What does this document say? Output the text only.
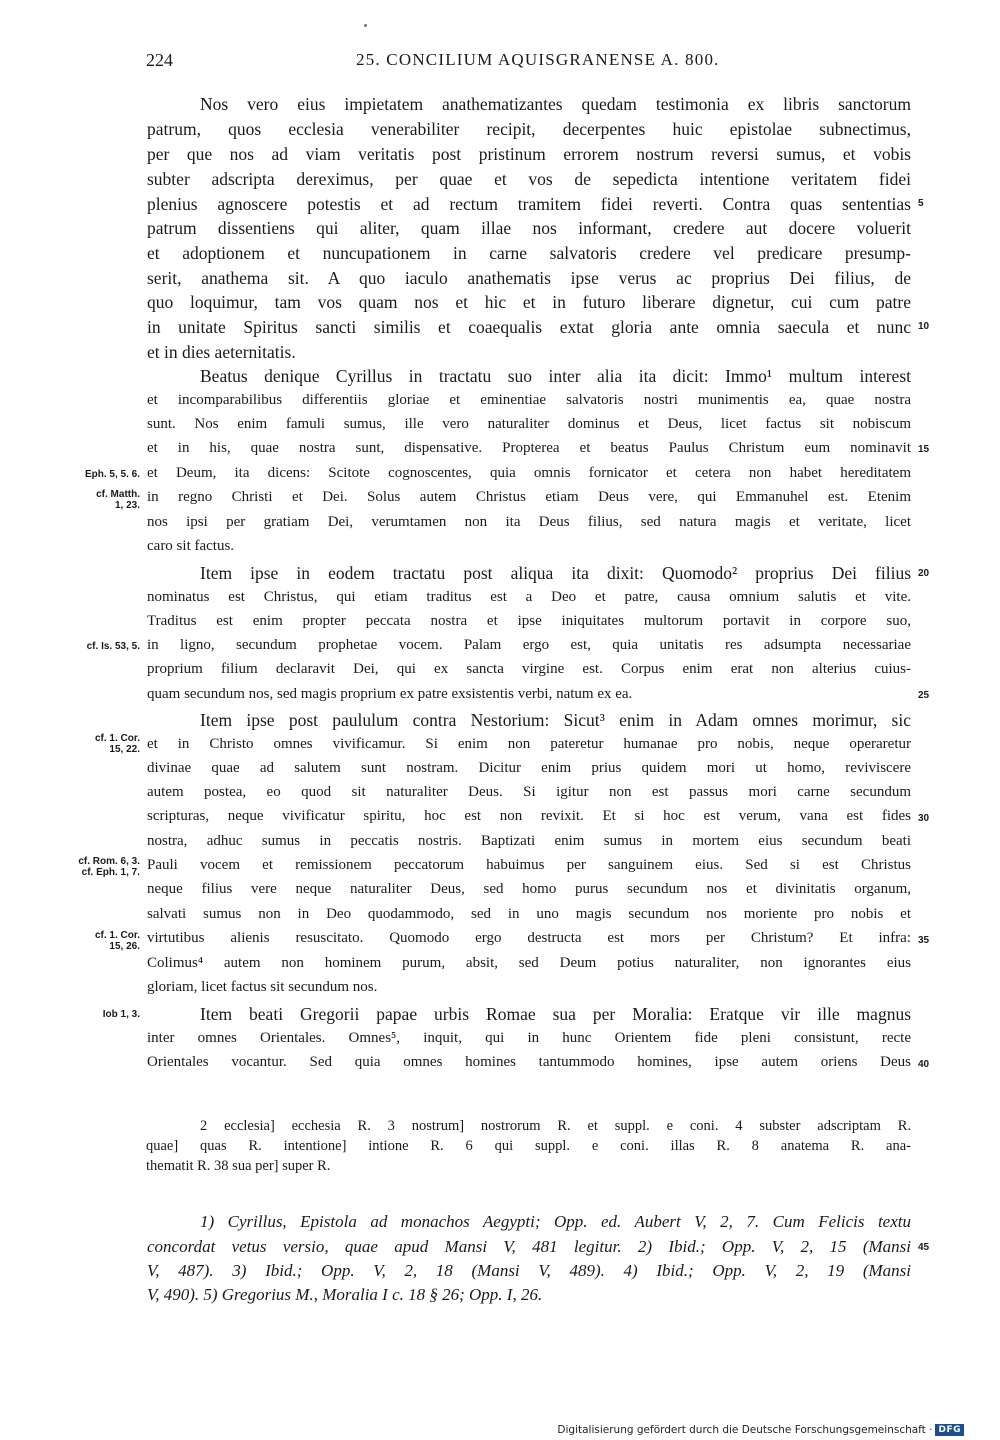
224	25. CONCILIUM AQUISGRANENSE A. 800.
Nos vero eius impietatem anathematizantes quedam testimonia ex libris sanctorum
patrum, quos ecclesia venerabiliter recipit, decerpentes huic epistolae subnectimus,
per que nos ad viam veritatis post pristinum errorem nostrum reversi sumus, et vobis
subter adscripta dereximus, per quae et vos de sepedicta intentione veritatem fidei
plenius agnoscere potestis et ad rectum tramitem fidei reverti. Contra quas sententias
patrum dissentiens qui aliter, quam illae nos informant, credere aut docere voluerit
et adoptionem et nuncupationem in carne salvatoris credere vel predicare presump-
serit, anathema sit. A quo iaculo anathematis ipse verus ac proprius Dei filius, de
quo loquimur, tam vos quam nos et hic et in futuro liberare dignetur, cui cum patre
in unitate Spiritus sancti similis et coaequalis extat gloria ante omnia saecula et nunc
et in dies aeternitatis.
Beatus denique Cyrillus in tractatu suo inter alia ita dicit: Immo¹ multum interest
et incomparabilibus differentiis gloriae et eminentiae salvatoris nostri munimentis ea, quae nostra
sunt. Nos enim famuli sumus, ille vero naturaliter dominus et Deus, licet factus sit nobiscum
et in his, quae nostra sunt, dispensative. Propterea et beatus Paulus Christum eum nominavit
et Deum, ita dicens: Scitote cognoscentes, quia omnis fornicator et cetera non habet hereditatem
in regno Christi et Dei. Solus autem Christus etiam Deus vere, qui Emmanuhel est. Etenim
nos ipsi per gratiam Dei, verumtamen non ita Deus filius, sed natura magis et veritate, licet
caro sit factus.
Item ipse in eodem tractatu post aliqua ita dixit: Quomodo² proprius Dei filius
nominatus est Christus, qui etiam traditus est a Deo et patre, causa omnium salutis et vite.
Traditus est enim propter peccata nostra et ipse iniquitates multorum portavit in corpore suo,
in ligno, secundum prophetae vocem. Palam ergo est, quia unitatis res adsumpta necessariae
proprium filium declaravit Dei, qui ex sancta virgine est. Corpus enim erat non alterius cuius-
quam secundum nos, sed magis proprium ex patre exsistentis verbi, natum ex ea.
Item ipse post paululum contra Nestorium: Sicut³ enim in Adam omnes morimur, sic
et in Christo omnes vivificamur. Si enim non pateretur humanae pro nobis, neque operaretur
divinae quae ad salutem sunt nostram. Dicitur enim prius quidem mori ut homo, reviviscere
autem postea, eo quod sit naturaliter Deus. Si igitur non est passus mori carne secundum
scripturas, neque vivificatur spiritu, hoc est non revixit. Et si hoc est verum, vana est fides
nostra, adhuc sumus in peccatis nostris. Baptizati enim sumus in mortem eius secundum beati
Pauli vocem et remissionem peccatorum habuimus per sanguinem eius. Sed si est Christus
neque filius vere neque naturaliter Deus, sed homo purus secundum nos et divinitatis organum,
salvati sumus non in Deo quodammodo, sed in uno magis secundum nos moriente pro nobis et
virtutibus alienis resuscitato. Quomodo ergo destructa est mors per Christum? Et infra:
Colimus⁴ autem non hominem purum, absit, sed Deum potius naturaliter, non ignorantes eius
gloriam, licet factus sit secundum nos.
Item beati Gregorii papae urbis Romae sua per Moralia: Eratque vir ille magnus
inter omnes Orientales. Omnes⁵, inquit, qui in hunc Orientem fide pleni consistunt, recte
Orientales vocantur. Sed quia omnes homines tantummodo homines, ipse autem oriens Deus
5
10
15
20
25
30
35
40
45
Eph. 5, 5. 6.
cf. Matth.
1, 23.
cf. Is. 53, 5.
cf. 1. Cor.
15, 22.
cf. Rom. 6, 3.
cf. Eph. 1, 7.
cf. 1. Cor.
15, 26.
Iob 1, 3.
2 ecclesia] ecchesia R. 3 nostrum] nostrorum R. et suppl. e coni. 4 subster adscriptam R.
quae] quas R. intentione] intione R. 6 qui suppl. e coni. illas R. 8 anatema R. ana-
thematit R. 38 sua per] super R.
1) Cyrillus, Epistola ad monachos Aegypti; Opp. ed. Aubert V, 2, 7. Cum Felicis textu
concordat vetus versio, quae apud Mansi V, 481 legitur. 2) Ibid.; Opp. V, 2, 15 (Mansi
V, 487). 3) Ibid.; Opp. V, 2, 18 (Mansi V, 489). 4) Ibid.; Opp. V, 2, 19 (Mansi
V, 490). 5) Gregorius M., Moralia I c. 18 § 26; Opp. I, 26.
Digitalisierung gefördert durch die Deutsche Forschungsgemeinschaft · DFG
